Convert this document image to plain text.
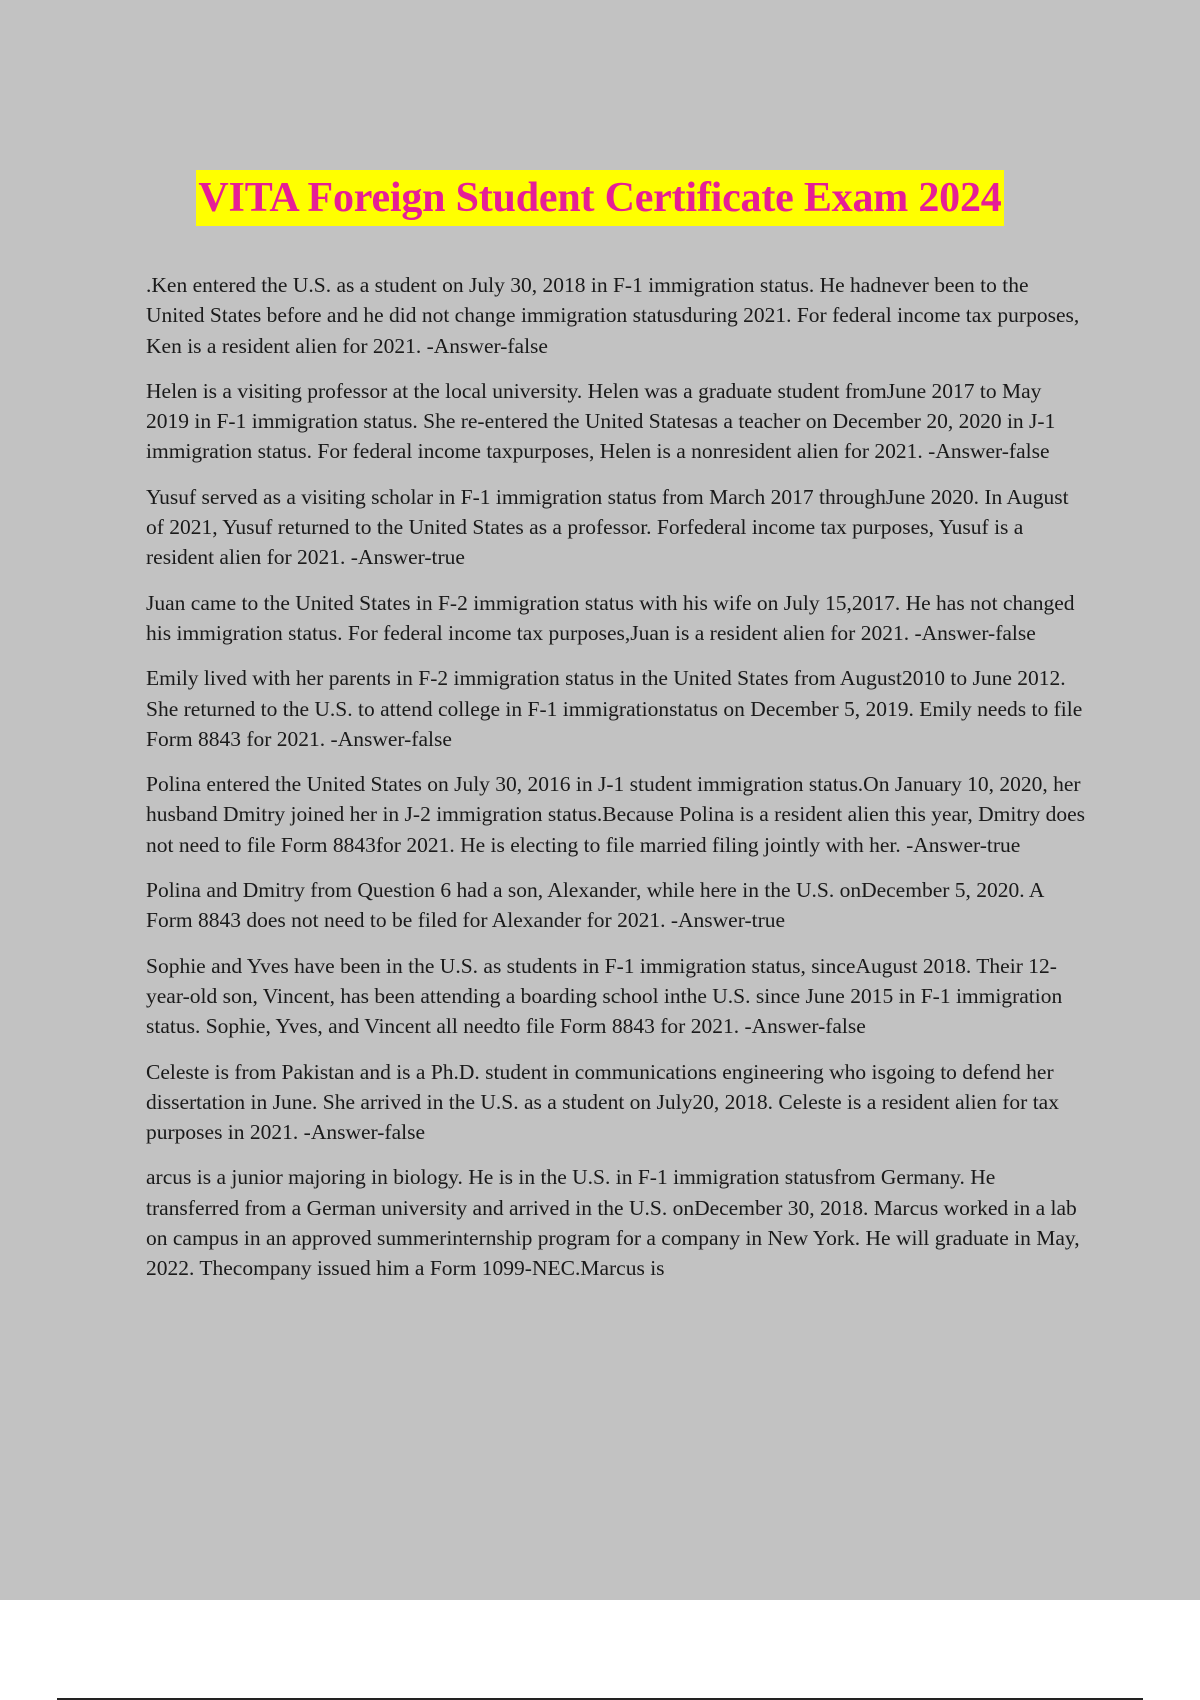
VITA Foreign Student Certificate Exam 2024

.Ken entered the U.S. as a student on July 30, 2018 in F-1 immigration status. He hadnever been to the United States before and he did not change immigration statusduring 2021. For federal income tax purposes, Ken is a resident alien for 2021. -Answer-false

Helen is a visiting professor at the local university. Helen was a graduate student fromJune 2017 to May 2019 in F-1 immigration status. She re-entered the United Statesas a teacher on December 20, 2020 in J-1 immigration status. For federal income taxpurposes, Helen is a nonresident alien for 2021. -Answer-false

Yusuf served as a visiting scholar in F-1 immigration status from March 2017 throughJune 2020. In August of 2021, Yusuf returned to the United States as a professor. Forfederal income tax purposes, Yusuf is a resident alien for 2021. -Answer-true

Juan came to the United States in F-2 immigration status with his wife on July 15,2017. He has not changed his immigration status. For federal income tax purposes,Juan is a resident alien for 2021. -Answer-false

Emily lived with her parents in F-2 immigration status in the United States from August2010 to June 2012. She returned to the U.S. to attend college in F-1 immigrationstatus on December 5, 2019. Emily needs to file Form 8843 for 2021. -Answer-false

Polina entered the United States on July 30, 2016 in J-1 student immigration status.On January 10, 2020, her husband Dmitry joined her in J-2 immigration status.Because Polina is a resident alien this year, Dmitry does not need to file Form 8843for 2021. He is electing to file married filing jointly with her. -Answer-true

Polina and Dmitry from Question 6 had a son, Alexander, while here in the U.S. onDecember 5, 2020. A Form 8843 does not need to be filed for Alexander for 2021. -Answer-true

Sophie and Yves have been in the U.S. as students in F-1 immigration status, sinceAugust 2018. Their 12-year-old son, Vincent, has been attending a boarding school inthe U.S. since June 2015 in F-1 immigration status. Sophie, Yves, and Vincent all needto file Form 8843 for 2021. -Answer-false

Celeste is from Pakistan and is a Ph.D. student in communications engineering who isgoing to defend her dissertation in June. She arrived in the U.S. as a student on July20, 2018. Celeste is a resident alien for tax purposes in 2021. -Answer-false

arcus is a junior majoring in biology. He is in the U.S. in F-1 immigration statusfrom Germany. He transferred from a German university and arrived in the U.S. onDecember 30, 2018. Marcus worked in a lab on campus in an approved summerinternship program for a company in New York. He will graduate in May, 2022. Thecompany issued him a Form 1099-NEC.Marcus is
